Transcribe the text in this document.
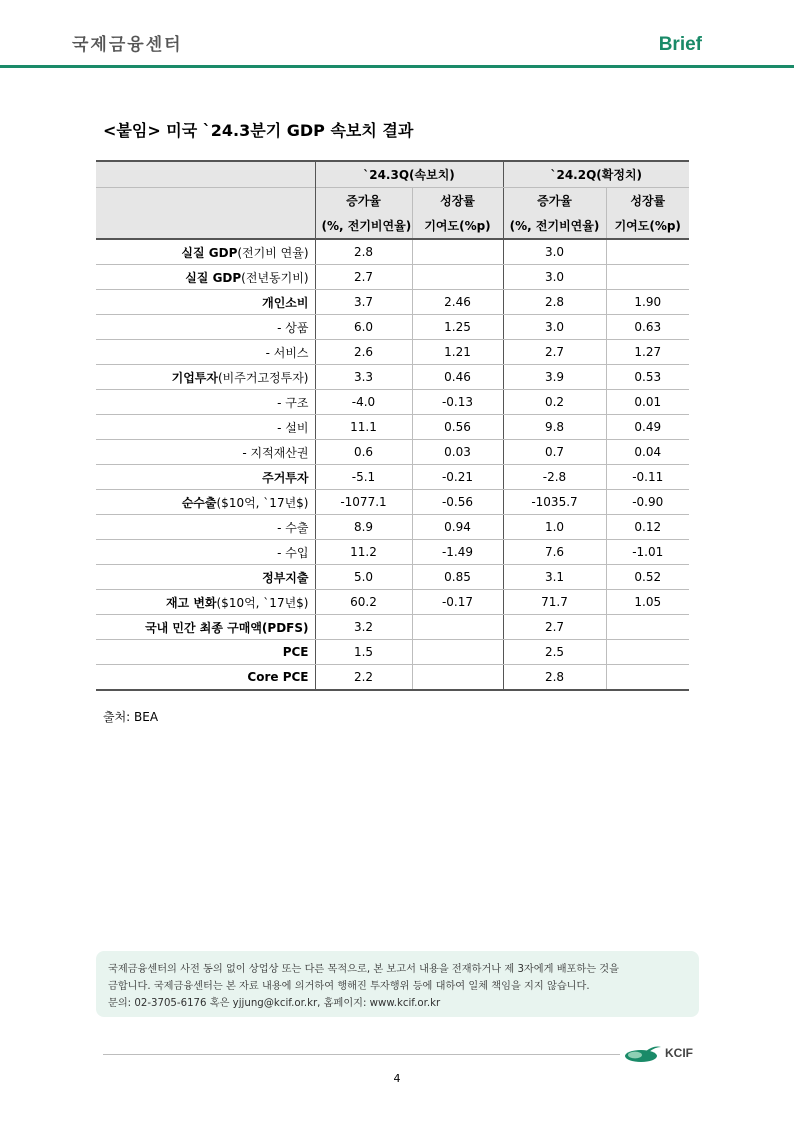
국제금융센터	Brief
<붙임> 미국 `24.3분기 GDP 속보치 결과
	`24.3Q(속보치)		`24.2Q(확정치)	
	증가율	성장률	증가율	성장률
	(%, 전기비연율)	기여도(%p)	(%, 전기비연율)	기여도(%p)
실질 GDP(전기비 연율)	2.8		3.0	
실질 GDP(전년동기비)	2.7		3.0	
개인소비	3.7	2.46	2.8	1.90
- 상품	6.0	1.25	3.0	0.63
- 서비스	2.6	1.21	2.7	1.27
기업투자(비주거고정투자)	3.3	0.46	3.9	0.53
- 구조	-4.0	-0.13	0.2	0.01
- 설비	11.1	0.56	9.8	0.49
- 지적재산권	0.6	0.03	0.7	0.04
주거투자	-5.1	-0.21	-2.8	-0.11
순수출($10억, `17년$)	-1077.1	-0.56	-1035.7	-0.90
- 수출	8.9	0.94	1.0	0.12
- 수입	11.2	-1.49	7.6	-1.01
정부지출	5.0	0.85	3.1	0.52
재고 변화($10억, `17년$)	60.2	-0.17	71.7	1.05
국내 민간 최종 구매액(PDFS)	3.2		2.7	
PCE	1.5		2.5	
Core PCE	2.2		2.8	
출처: BEA
국제금융센터의 사전 동의 없이 상업상 또는 다른 목적으로, 본 보고서 내용을 전재하거나 제 3자에게 배포하는 것을
금합니다. 국제금융센터는 본 자료 내용에 의거하여 행해진 투자행위 등에 대하여 일체 책임을 지지 않습니다.
문의: 02-3705-6176 혹은 yjjung@kcif.or.kr, 홈페이지: www.kcif.or.kr
KCIF
4
